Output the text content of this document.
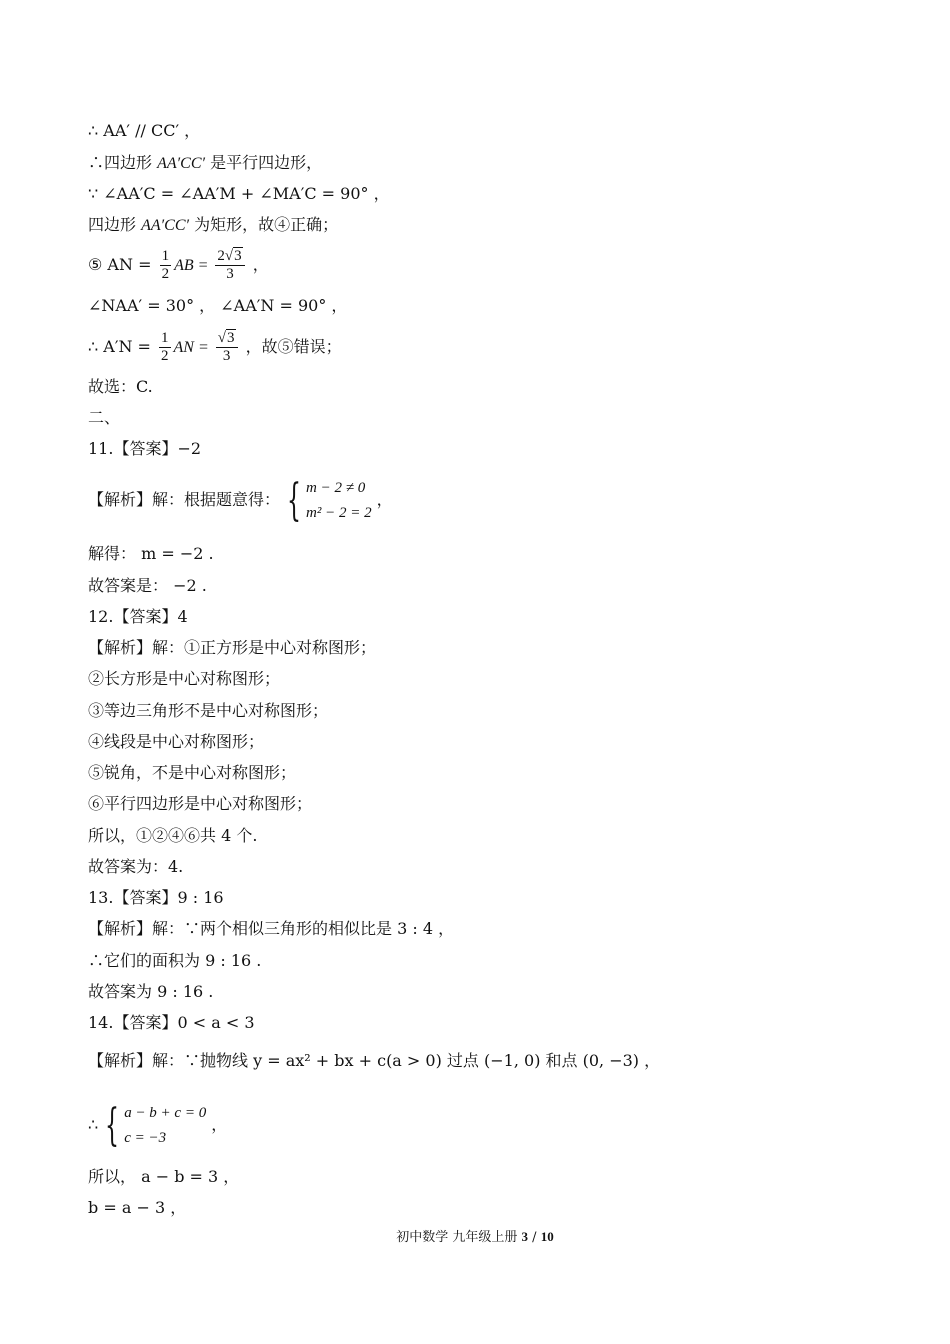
∴ AA′ // CC′ ，
∴四边形 AA′CC′ 是平行四边形，
∵ ∠AA′C = ∠AA′M + ∠MA′C = 90° ，
四边形 AA′CC′ 为矩形，故④正确；
⑤ AN = $\frac{1}{2}$ AB = $\frac{2√3}{3}$ ，
∠NAA′ = 30° ， ∠AA′N = 90° ，
∴ $A'N = \frac{1}{2}$ AN = $\frac{√3}{3}$ ，故⑤错误；
故选：C.
二、
11.【答案】−2
【解析】解：根据题意得： { m − 2 ≠ 0
m² − 2 = 2
，
解得： m = −2 .
故答案是： −2 .
12.【答案】4
【解析】解：①正方形是中心对称图形；
②长方形是中心对称图形；
③等边三角形不是中心对称图形；
④线段是中心对称图形；
⑤锐角，不是中心对称图形；
⑥平行四边形是中心对称图形；
所以，①②④⑥共 4 个.
故答案为：4.
13.【答案】9 : 16
【解析】解：∵两个相似三角形的相似比是 3 : 4 ，
∴它们的面积为 9 : 16 .
故答案为 9 : 16 .
14.【答案】0 < a < 3
【解析】解：∵抛物线 y = ax² + bx + c(a > 0) 过点 (−1, 0) 和点 (0, −3) ，
∴ { a − b + c = 0
c = −3
，
所以， a − b = 3 ，
b = a − 3 ，
初中数学 九年级上册 3 / 10
